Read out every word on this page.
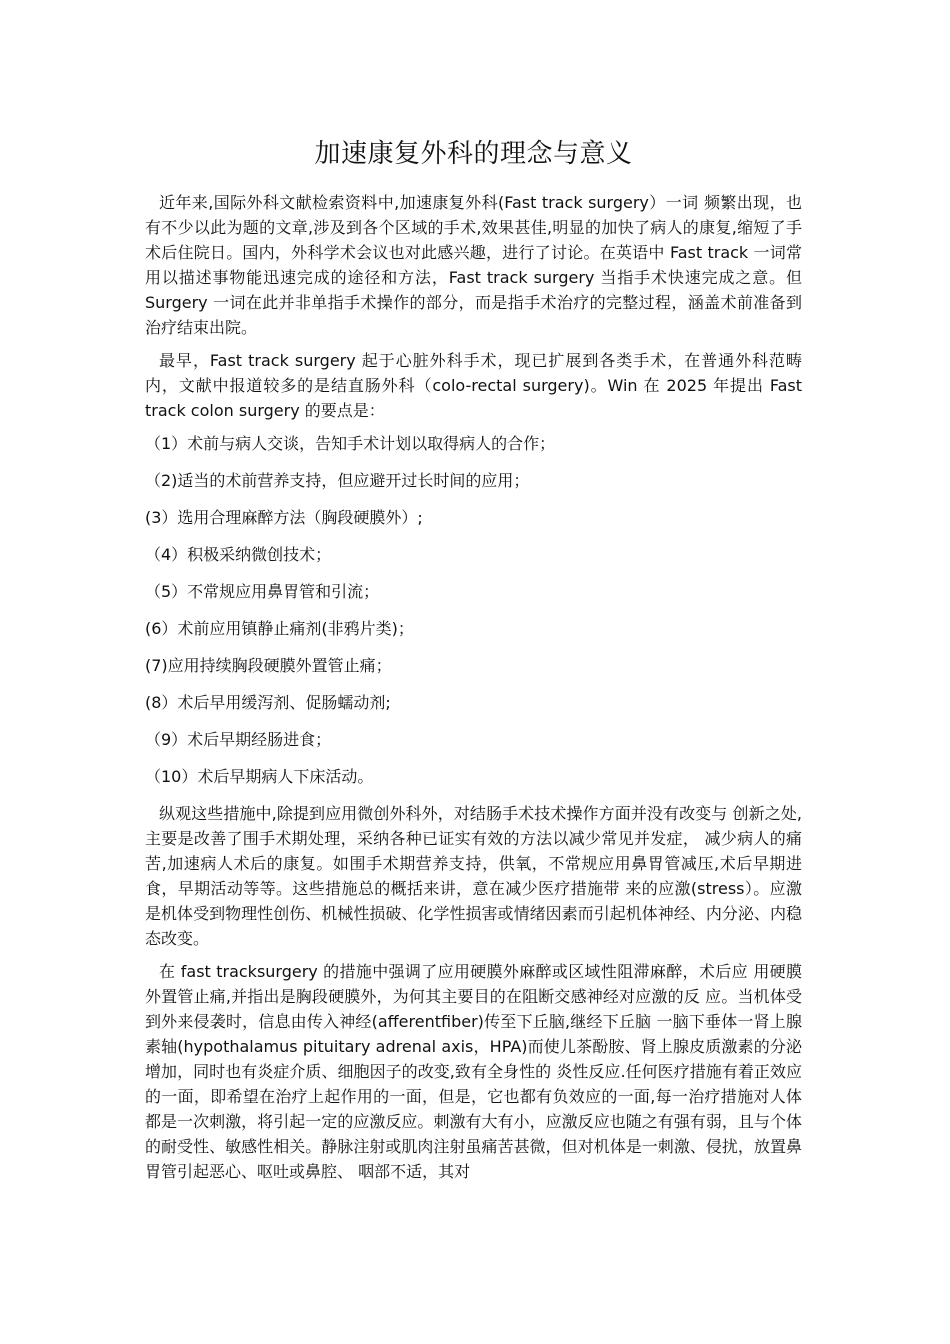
加速康复外科的理念与意义

近年来,国际外科文献检索资料中,加速康复外科(Fast track surgery）一词 频繁出现，也有不少以此为题的文章,涉及到各个区域的手术,效果甚佳,明显的加快了病人的康复,缩短了手术后住院日。国内，外科学术会议也对此感兴趣，进行了讨论。在英语中 Fast track 一词常用以描述事物能迅速完成的途径和方法，Fast track surgery 当指手术快速完成之意。但 Surgery 一词在此并非单指手术操作的部分，而是指手术治疗的完整过程，涵盖术前准备到治疗结束出院。

最早，Fast track surgery 起于心脏外科手术，现已扩展到各类手术，在普通外科范畴内，文献中报道较多的是结直肠外科（colo-rectal surgery)。Win 在 2025 年提出 Fast track colon surgery 的要点是：

（1）术前与病人交谈，告知手术计划以取得病人的合作；

（2)适当的术前营养支持，但应避开过长时间的应用；

(3）选用合理麻醉方法（胸段硬膜外）;

（4）积极采纳微创技术；

（5）不常规应用鼻胃管和引流；

(6）术前应用镇静止痛剂(非鸦片类)；

(7)应用持续胸段硬膜外置管止痛；

(8）术后早用缓泻剂、促肠蠕动剂;

（9）术后早期经肠进食；

（10）术后早期病人下床活动。

纵观这些措施中,除提到应用微创外科外，对结肠手术技术操作方面并没有改变与 创新之处,主要是改善了围手术期处理，采纳各种已证实有效的方法以减少常见并发症， 减少病人的痛苦,加速病人术后的康复。如围手术期营养支持，供氧，不常规应用鼻胃管减压,术后早期进食，早期活动等等。这些措施总的概括来讲，意在减少医疗措施带 来的应激(stress）。应激是机体受到物理性创伤、机械性损破、化学性损害或情绪因素而引起机体神经、内分泌、内稳态改变。

在 fast tracksurgery 的措施中强调了应用硬膜外麻醉或区域性阻滞麻醉，术后应 用硬膜外置管止痛,并指出是胸段硬膜外，为何其主要目的在阻断交感神经对应激的反 应。当机体受到外来侵袭时，信息由传入神经(afferentfiber)传至下丘脑,继经下丘脑 一脑下垂体一肾上腺素轴(hypothalamus pituitary adrenal axis，HPA)而使儿茶酚胺、肾上腺皮质激素的分泌增加，同时也有炎症介质、细胞因子的改变,致有全身性的 炎性反应.任何医疗措施有着正效应的一面，即希望在治疗上起作用的一面，但是，它也都有负效应的一面,每一治疗措施对人体都是一次刺激，将引起一定的应激反应。刺激有大有小，应激反应也随之有强有弱，且与个体的耐受性、敏感性相关。静脉注射或肌肉注射虽痛苦甚微，但对机体是一刺激、侵扰，放置鼻胃管引起恶心、呕吐或鼻腔、 咽部不适，其对
